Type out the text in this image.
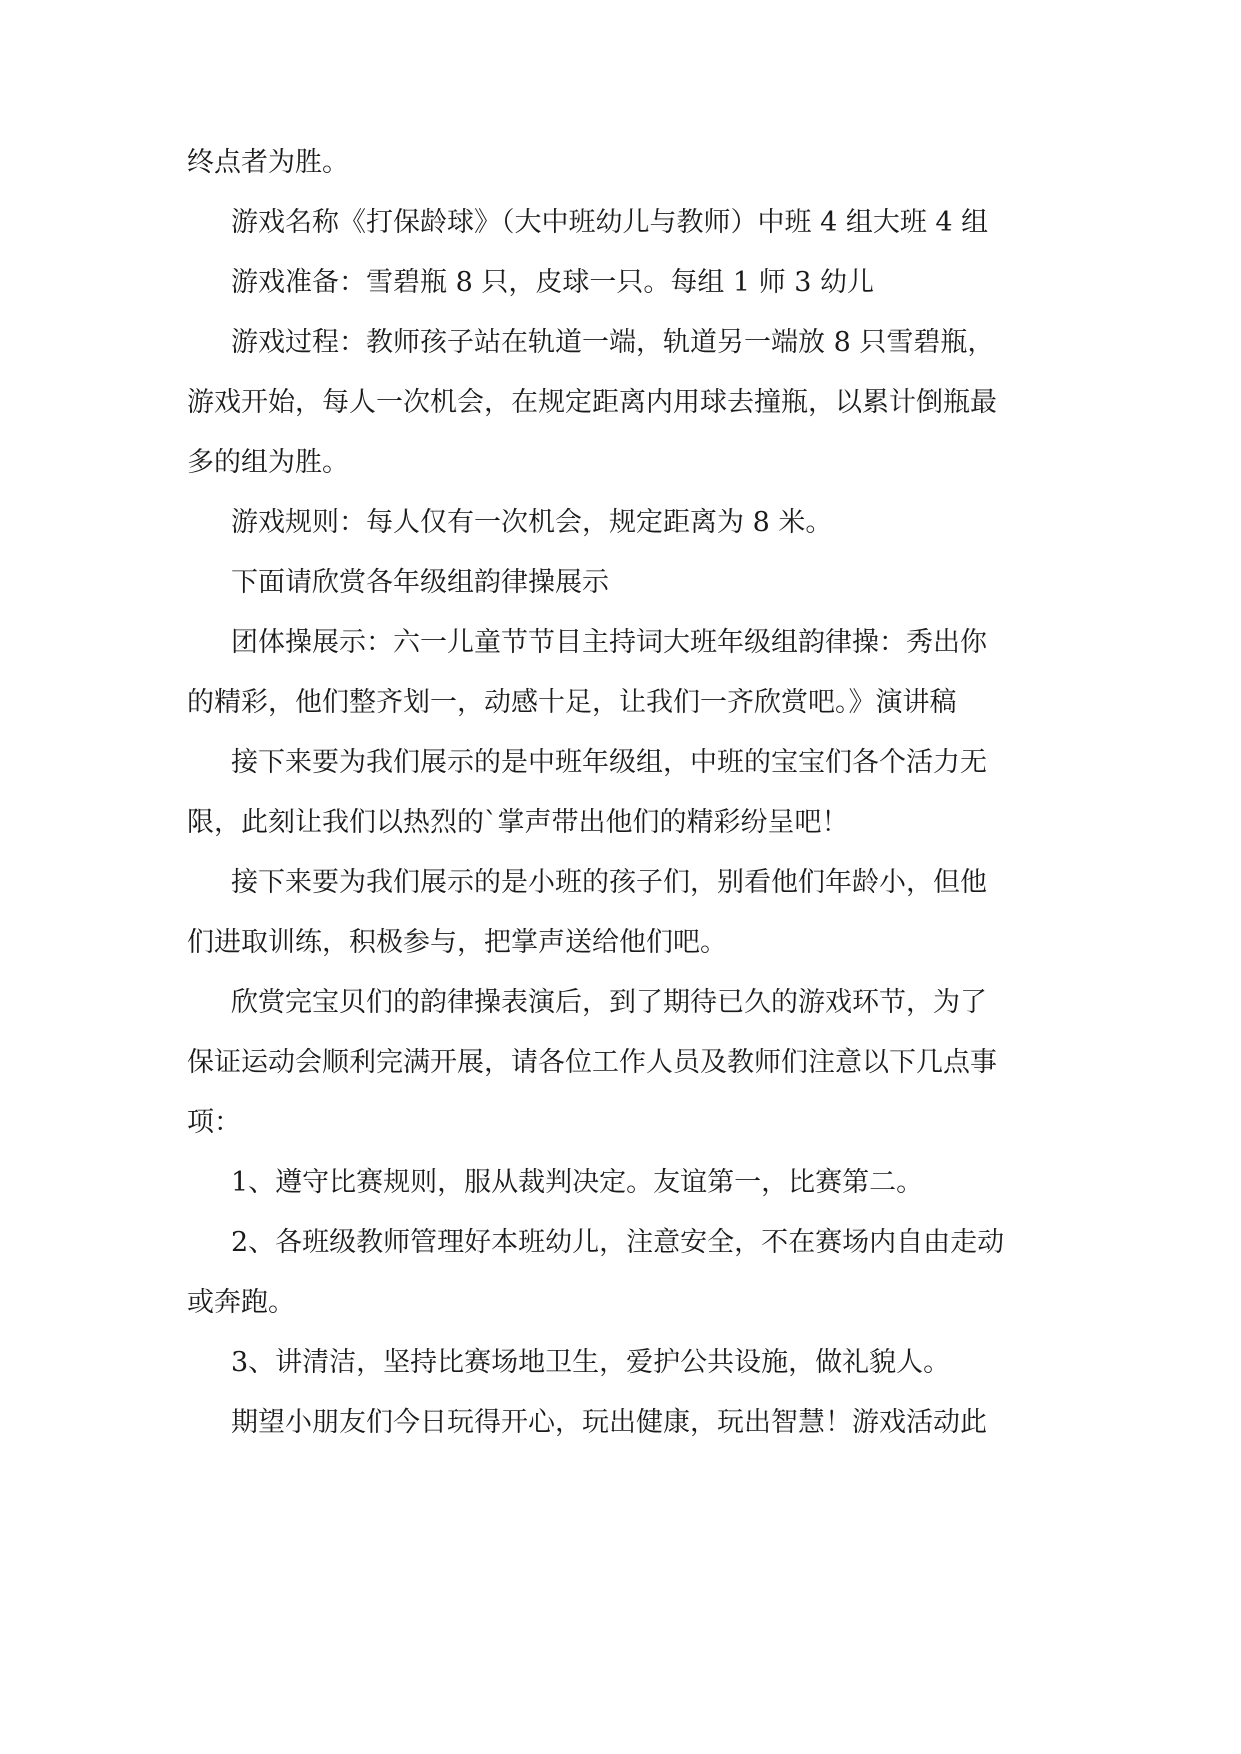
终点者为胜。
游戏名称《打保龄球》（大中班幼儿与教师）中班 4 组大班 4 组
游戏准备：雪碧瓶 8 只，皮球一只。每组 1 师 3 幼儿
游戏过程：教师孩子站在轨道一端，轨道另一端放 8 只雪碧瓶，
游戏开始，每人一次机会，在规定距离内用球去撞瓶，以累计倒瓶最
多的组为胜。
游戏规则：每人仅有一次机会，规定距离为 8 米。
下面请欣赏各年级组韵律操展示
团体操展示：六一儿童节节目主持词大班年级组韵律操：秀出你
的精彩，他们整齐划一，动感十足，让我们一齐欣赏吧。》演讲稿
接下来要为我们展示的是中班年级组，中班的宝宝们各个活力无
限，此刻让我们以热烈的`掌声带出他们的精彩纷呈吧！
接下来要为我们展示的是小班的孩子们，别看他们年龄小，但他
们进取训练，积极参与，把掌声送给他们吧。
欣赏完宝贝们的韵律操表演后，到了期待已久的游戏环节，为了
保证运动会顺利完满开展，请各位工作人员及教师们注意以下几点事
项：
1、遵守比赛规则，服从裁判决定。友谊第一，比赛第二。
2、各班级教师管理好本班幼儿，注意安全，不在赛场内自由走动
或奔跑。
3、讲清洁，坚持比赛场地卫生，爱护公共设施，做礼貌人。
期望小朋友们今日玩得开心，玩出健康，玩出智慧！游戏活动此
